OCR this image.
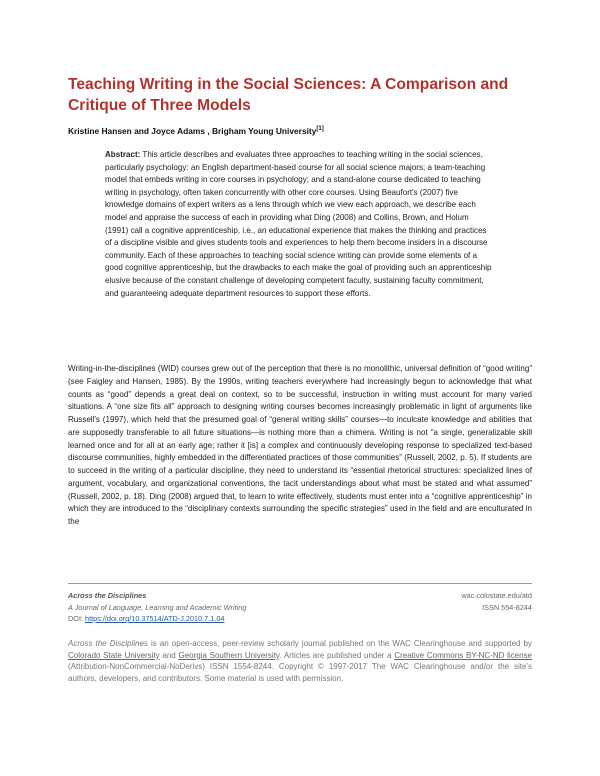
Teaching Writing in the Social Sciences: A Comparison and Critique of Three Models
Kristine Hansen and Joyce Adams , Brigham Young University[1]

Abstract: This article describes and evaluates three approaches to teaching writing in the social sciences, particularly psychology: an English department-based course for all social science majors; a team-teaching model that embeds writing in core courses in psychology; and a stand-alone course dedicated to teaching writing in psychology, often taken concurrently with other core courses. Using Beaufort's (2007) five knowledge domains of expert writers as a lens through which we view each approach, we describe each model and appraise the success of each in providing what Ding (2008) and Collins, Brown, and Holum (1991) call a cognitive apprenticeship, i.e., an educational experience that makes the thinking and practices of a discipline visible and gives students tools and experiences to help them become insiders in a discourse community. Each of these approaches to teaching social science writing can provide some elements of a good cognitive apprenticeship, but the drawbacks to each make the goal of providing such an apprenticeship elusive because of the constant challenge of developing competent faculty, sustaining faculty commitment, and guaranteeing adequate department resources to support these efforts.

Writing-in-the-disciplines (WID) courses grew out of the perception that there is no monolithic, universal definition of “good writing” (see Faigley and Hansen, 1985). By the 1990s, writing teachers everywhere had increasingly begun to acknowledge that what counts as “good” depends a great deal on context, so to be successful, instruction in writing must account for many varied situations. A “one size fits all” approach to designing writing courses becomes increasingly problematic in light of arguments like Russell's (1997), which held that the presumed goal of “general writing skills” courses—to inculcate knowledge and abilities that are supposedly transferable to all future situations—is nothing more than a chimera. Writing is not “a single, generalizable skill learned once and for all at an early age; rather it [is] a complex and continuously developing response to specialized text-based discourse communities, highly embedded in the differentiated practices of those communities” (Russell, 2002, p. 5). If students are to succeed in the writing of a particular discipline, they need to understand its “essential rhetorical structures: specialized lines of argument, vocabulary, and organizational conventions, the tacit understandings about what must be stated and what assumed” (Russell, 2002, p. 18). Ding (2008) argued that, to learn to write effectively, students must enter into a “cognitive apprenticeship” in which they are introduced to the “disciplinary contexts surrounding the specific strategies” used in the field and are enculturated in the

Across the Disciplines
A Journal of Language, Learning and Academic Writing
DOI: https://doi.org/10.37514/ATD-J.2010.7.1.04
wac.colostate.edu/atd
ISSN 554-8244
Across the Disciplines is an open-access, peer-review scholarly journal published on the WAC Clearinghouse and supported by Colorado State University and Georgia Southern University. Articles are published under a Creative Commons BY-NC-ND license (Attribution-NonCommercial-NoDerivs) ISSN 1554-8244. Copyright © 1997-2017 The WAC Clearinghouse and/or the site's authors, developers, and contributors. Some material is used with permission.
